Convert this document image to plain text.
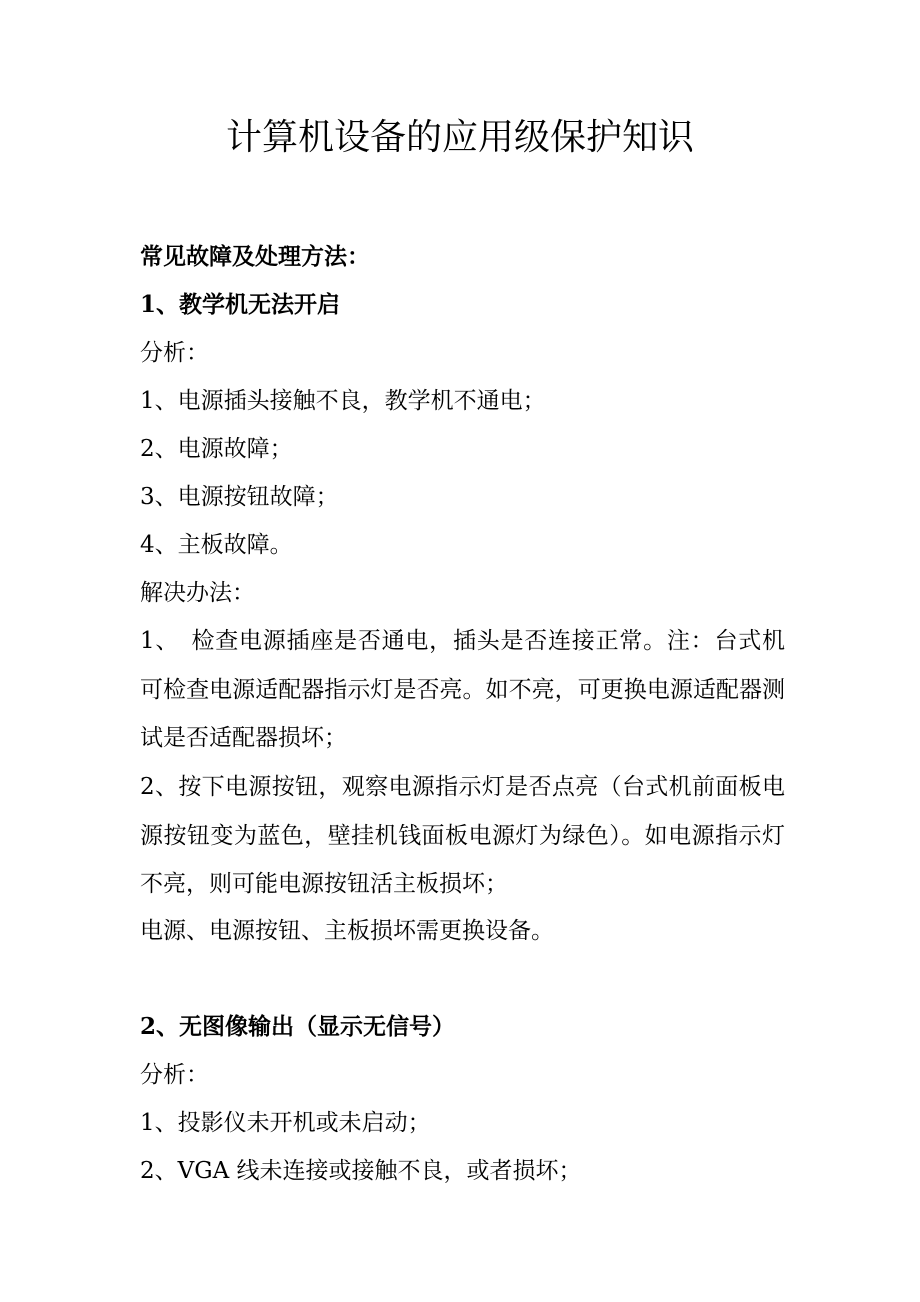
计算机设备的应用级保护知识

常见故障及处理方法：

1、教学机无法开启

分析：

1、电源插头接触不良，教学机不通电；

2、电源故障；

3、电源按钮故障；

4、主板故障。

解决办法：

1、　检查电源插座是否通电，插头是否连接正常。注：台式机可检查电源适配器指示灯是否亮。如不亮，可更换电源适配器测试是否适配器损坏；

2、按下电源按钮，观察电源指示灯是否点亮（台式机前面板电源按钮变为蓝色，壁挂机钱面板电源灯为绿色）。如电源指示灯不亮，则可能电源按钮活主板损坏；

电源、电源按钮、主板损坏需更换设备。

2、无图像输出（显示无信号）

分析：

1、投影仪未开机或未启动；

2、VGA 线未连接或接触不良，或者损坏；
